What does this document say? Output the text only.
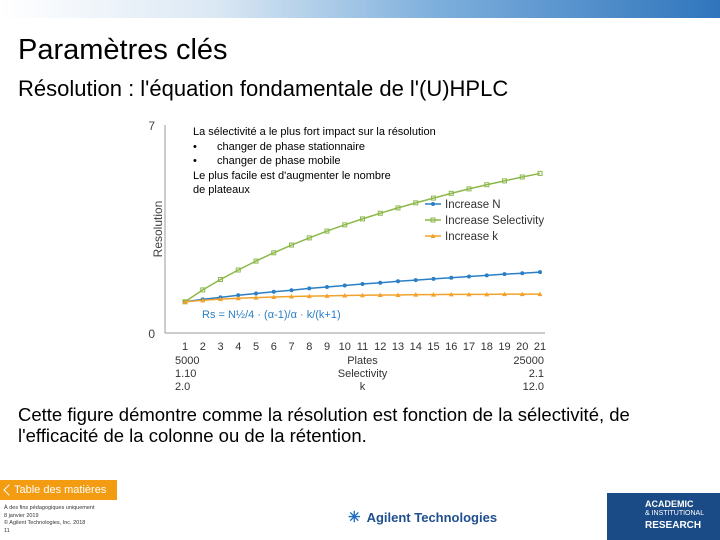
Paramètres clés
Résolution : l'équation fondamentale de l'(U)HPLC
0
7
Resolution	Increase N
Increase Selectivity
Increase k
Rs = N½/4 · (α-1)/α · k/(k+1)
1 2 3 4 5 6 7 8 9 10 11 12 13 14 15 16 17 18 19 20 21
5000	Plates	25000
1.10	Selectivity	2.1
2.0	k	12.0
La sélectivité a le plus fort impact sur la résolution
• changer de phase stationnaire
• changer de phase mobile
Le plus facile est d'augmenter le nombre
de plateaux
Cette figure démontre comme la résolution est fonction de la sélectivité, de l'efficacité de la colonne ou de la rétention.
Table des matières
À des fins pédagogiques uniquement
8 janvier 2019
© Agilent Technologies, Inc. 2018
11
✳ Agilent Technologies
ACADEMIC
& INSTITUTIONAL
RESEARCH
